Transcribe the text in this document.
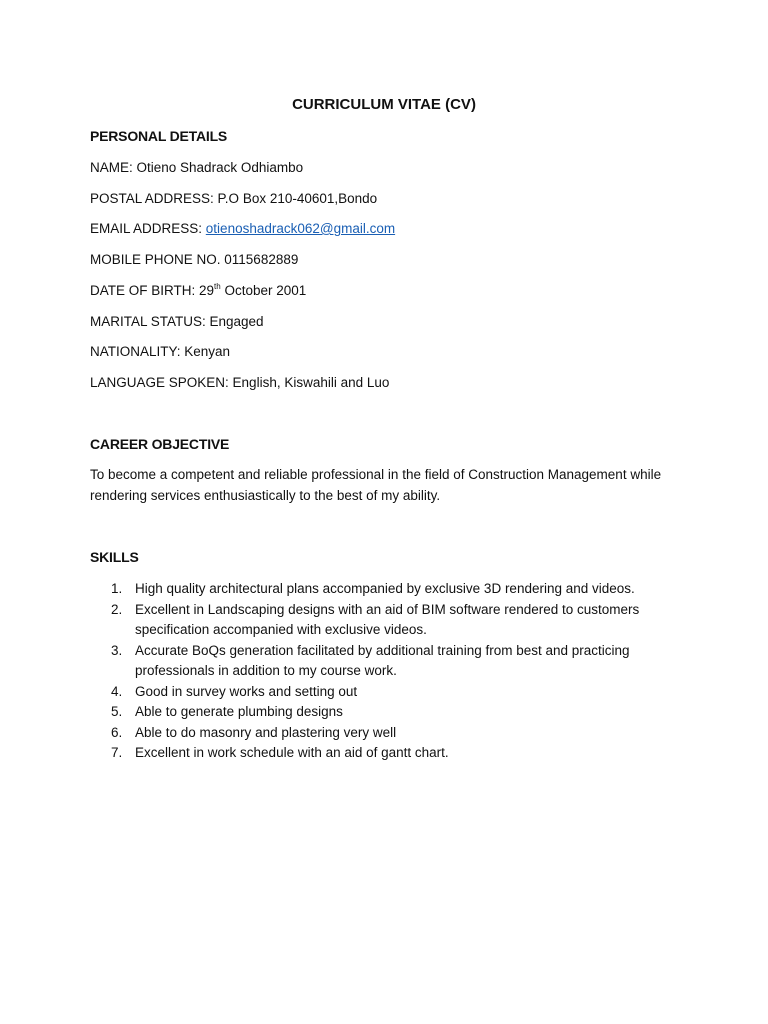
CURRICULUM VITAE (CV)
PERSONAL DETAILS
NAME: Otieno Shadrack Odhiambo
POSTAL ADDRESS: P.O Box 210-40601,Bondo
EMAIL ADDRESS: otienoshadrack062@gmail.com
MOBILE PHONE NO. 0115682889
DATE OF BIRTH: 29th October 2001
MARITAL STATUS: Engaged
NATIONALITY: Kenyan
LANGUAGE SPOKEN: English, Kiswahili and Luo
CAREER OBJECTIVE
To become a competent and reliable professional in the field of Construction Management while rendering services enthusiastically to the best of my ability.
SKILLS
1. High quality architectural plans accompanied by exclusive 3D rendering and videos.
2. Excellent in Landscaping designs with an aid of BIM software rendered to customers specification accompanied with exclusive videos.
3. Accurate BoQs generation facilitated by additional training from best and practicing professionals in addition to my course work.
4. Good in survey works and setting out
5. Able to generate plumbing designs
6. Able to do masonry and plastering very well
7. Excellent in work schedule with an aid of gantt chart.
